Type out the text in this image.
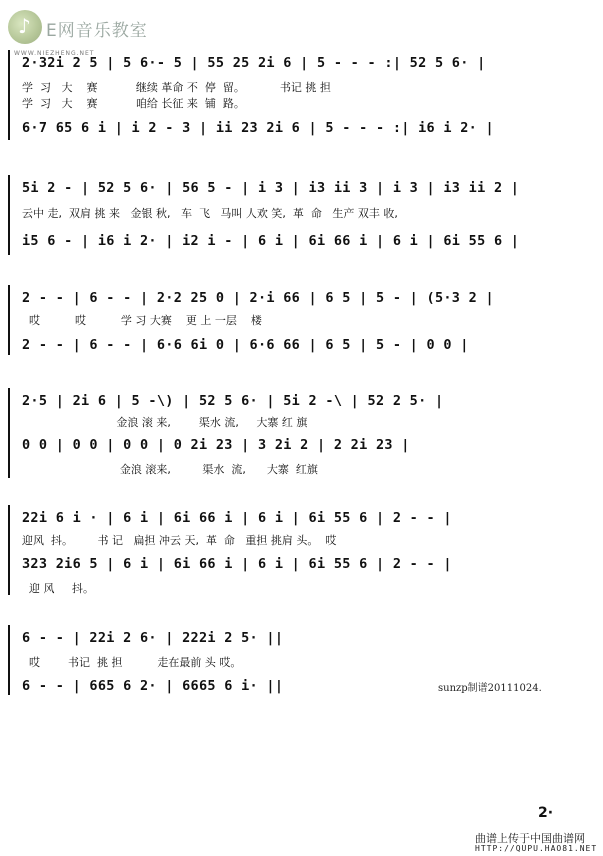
♪
E网音乐教室
WWW.NIEZHENG.NET
2·32i 2 5 | 5 6·- 5 | 55 25 2i 6 | 5 - - - :| 52 5 6· |
学  习   大    赛           继续 革命 不  停  留。          书记 挑 担
学  习   大    赛           咱给 长征 来  铺  路。
6·7 65 6 i | i 2 - 3 | ii 23 2i 6 | 5 - - - :| i6 i 2· |
5i 2 - | 52 5 6· | 56 5 - | i 3 | i3 ii 3 | i 3 | i3 ii 2 |
云中 走,  双肩 挑 来   金银 秋,   车  飞   马叫 人欢 笑,  革  命   生产 双丰 收,
i5 6 - | i6 i 2· | i2 i - | 6 i | 6i 66 i | 6 i | 6i 55 6 |
2 - - | 6 - - | 2·2 25 0 | 2·i 66 | 6 5 | 5 - | (5·3 2 |
哎          哎          学 习 大赛    更 上 一层    楼
2 - - | 6 - - | 6·6 6i 0 | 6·6 66 | 6 5 | 5 - | 0 0 |
2·5 | 2i 6 | 5 -\) | 52 5 6· | 5i 2 -\ | 52 2 5· |
金浪 滚 来,        渠水 流,     大寨 红 旗
0 0 | 0 0 | 0 0 | 0 2i 23 | 3 2i 2 | 2 2i 23 |
金浪 滚来,         渠水  流,      大寨  红旗
22i 6 i · | 6 i | 6i 66 i | 6 i | 6i 55 6 | 2 - - |
迎风  抖。       书 记   扁担 冲云 天,  革  命   重担 挑肩 头。  哎
323 2i6 5 | 6 i | 6i 66 i | 6 i | 6i 55 6 | 2 - - |
迎 风     抖。
6 - - | 22i 2 6· | 222i 2 5· ||
哎        书记  挑 担          走在最前 头 哎。
6 - - | 665 6 2· | 6665 6 i· ||	sunzp制谱20111024.
2·
曲谱上传于中国曲谱网
HTTP://QUPU.HAO81.NET
